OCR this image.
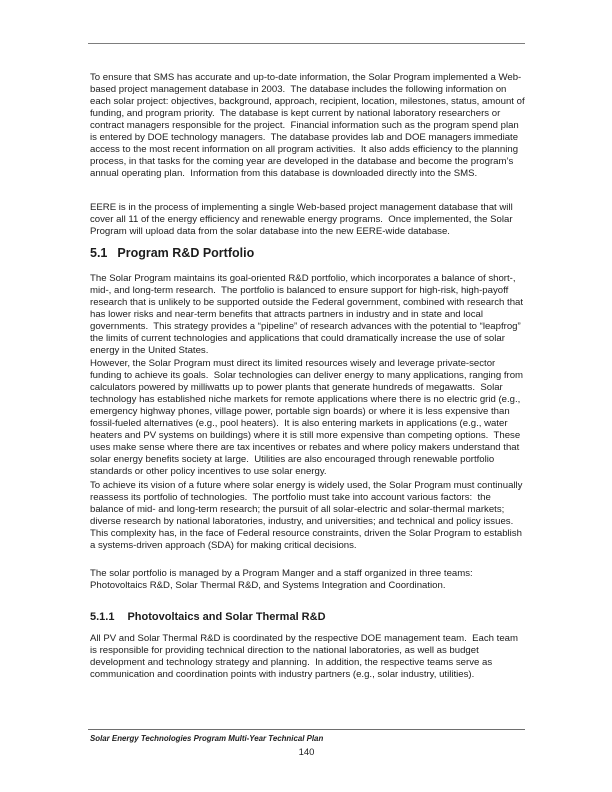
To ensure that SMS has accurate and up-to-date information, the Solar Program implemented a Web-based project management database in 2003.  The database includes the following information on each solar project: objectives, background, approach, recipient, location, milestones, status, amount of funding, and program priority.  The database is kept current by national laboratory researchers or contract managers responsible for the project.  Financial information such as the program spend plan is entered by DOE technology managers.  The database provides lab and DOE managers immediate access to the most recent information on all program activities.  It also adds efficiency to the planning process, in that tasks for the coming year are developed in the database and become the program’s annual operating plan.  Information from this database is downloaded directly into the SMS.

EERE is in the process of implementing a single Web-based project management database that will cover all 11 of the energy efficiency and renewable energy programs.  Once implemented, the Solar Program will upload data from the solar database into the new EERE-wide database.

5.1 Program R&D Portfolio

The Solar Program maintains its goal-oriented R&D portfolio, which incorporates a balance of short-, mid-, and long-term research.  The portfolio is balanced to ensure support for high-risk, high-payoff research that is unlikely to be supported outside the Federal government, combined with research that has lower risks and near-term benefits that attracts partners in industry and in state and local governments.  This strategy provides a “pipeline” of research advances with the potential to “leapfrog” the limits of current technologies and applications that could dramatically increase the use of solar energy in the United States.

However, the Solar Program must direct its limited resources wisely and leverage private-sector funding to achieve its goals.  Solar technologies can deliver energy to many applications, ranging from calculators powered by milliwatts up to power plants that generate hundreds of megawatts.  Solar technology has established niche markets for remote applications where there is no electric grid (e.g., emergency highway phones, village power, portable sign boards) or where it is less expensive than fossil-fueled alternatives (e.g., pool heaters).  It is also entering markets in applications (e.g., water heaters and PV systems on buildings) where it is still more expensive than competing options.  These uses make sense where there are tax incentives or rebates and where policy makers understand that solar energy benefits society at large.  Utilities are also encouraged through renewable portfolio standards or other policy incentives to use solar energy.

To achieve its vision of a future where solar energy is widely used, the Solar Program must continually reassess its portfolio of technologies.  The portfolio must take into account various factors:  the balance of mid- and long-term research; the pursuit of all solar-electric and solar-thermal markets; diverse research by national laboratories, industry, and universities; and technical and policy issues.  This complexity has, in the face of Federal resource constraints, driven the Solar Program to establish a systems-driven approach (SDA) for making critical decisions.

The solar portfolio is managed by a Program Manger and a staff organized in three teams: Photovoltaics R&D, Solar Thermal R&D, and Systems Integration and Coordination.

5.1.1 Photovoltaics and Solar Thermal R&D

All PV and Solar Thermal R&D is coordinated by the respective DOE management team.  Each team is responsible for providing technical direction to the national laboratories, as well as budget development and technology strategy and planning.  In addition, the respective teams serve as communication and coordination points with industry partners (e.g., solar industry, utilities).

Solar Energy Technologies Program Multi-Year Technical Plan
140
